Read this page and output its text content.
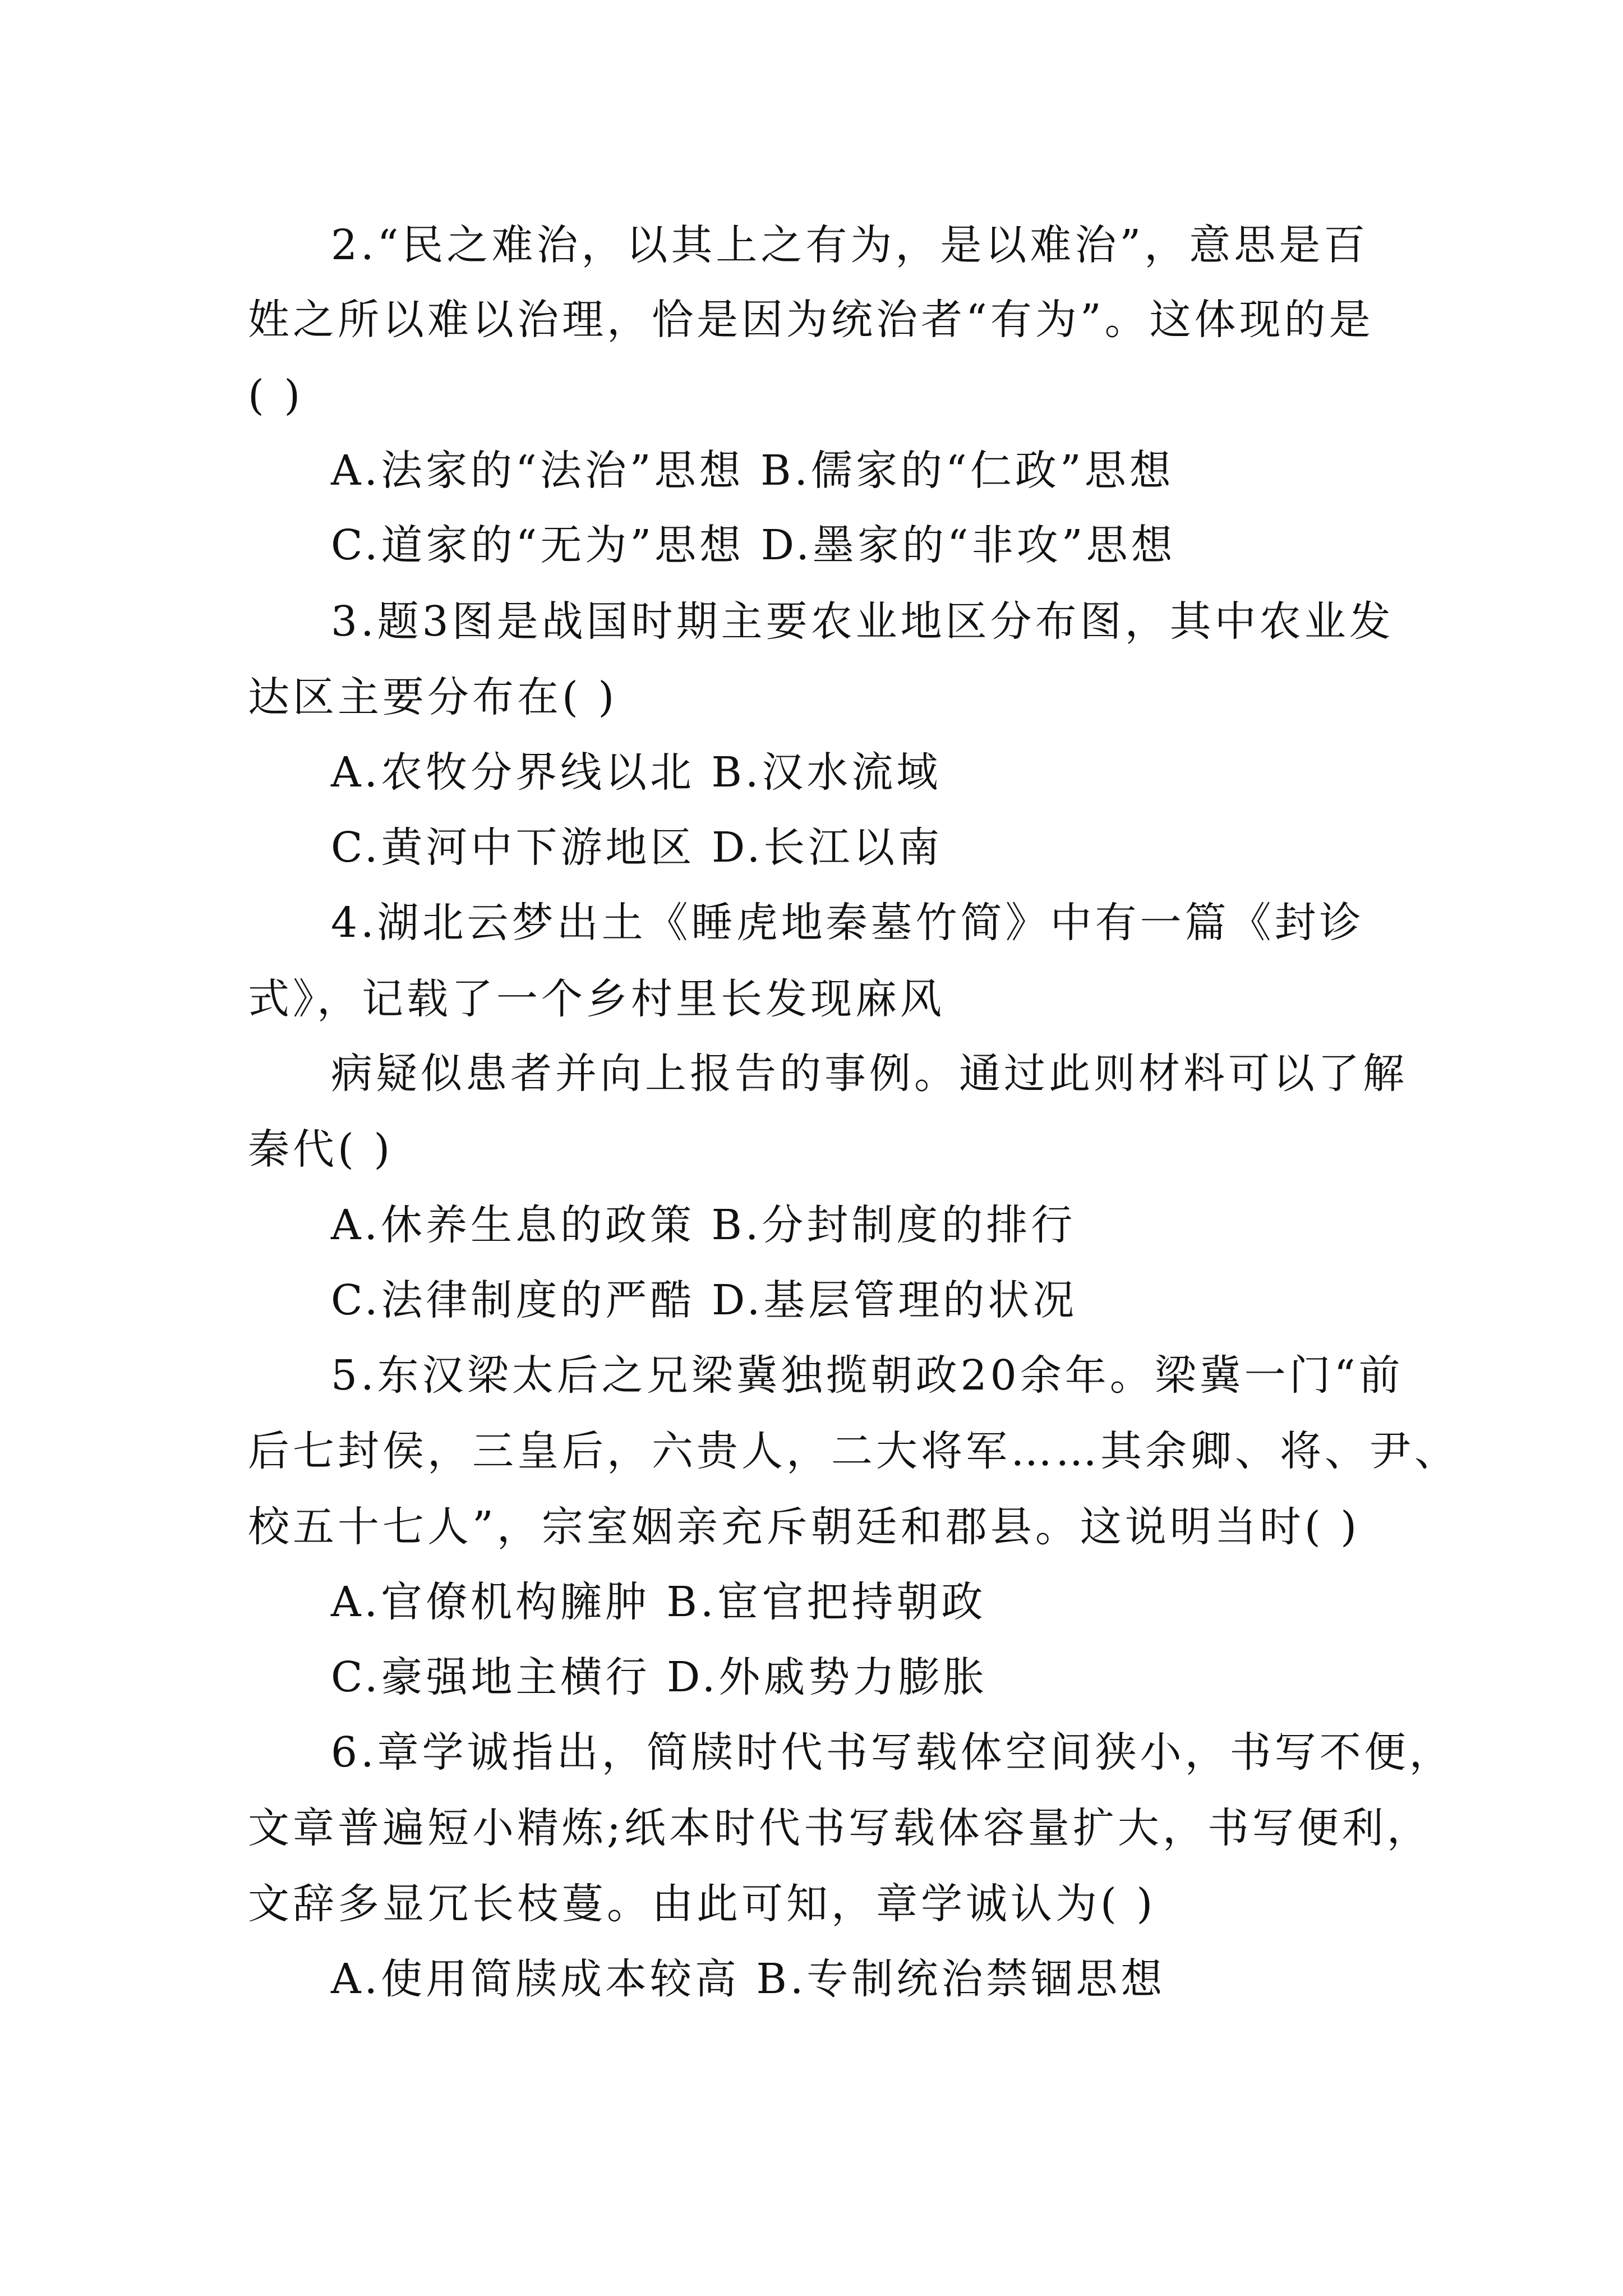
2.“民之难治，以其上之有为，是以难治”，意思是百
姓之所以难以治理，恰是因为统治者“有为”。这体现的是
( )
A.法家的“法治”思想 B.儒家的“仁政”思想
C.道家的“无为”思想 D.墨家的“非攻”思想
3.题3图是战国时期主要农业地区分布图，其中农业发
达区主要分布在( )
A.农牧分界线以北 B.汉水流域
C.黄河中下游地区 D.长江以南
4.湖北云梦出土《睡虎地秦墓竹简》中有一篇《封诊
式》，记载了一个乡村里长发现麻风
病疑似患者并向上报告的事例。通过此则材料可以了解
秦代( )
A.休养生息的政策 B.分封制度的排行
C.法律制度的严酷 D.基层管理的状况
5.东汉梁太后之兄梁冀独揽朝政20余年。梁冀一门“前
后七封侯，三皇后，六贵人，二大将军……其余卿、将、尹、
校五十七人”，宗室姻亲充斥朝廷和郡县。这说明当时( )
A.官僚机构臃肿 B.宦官把持朝政
C.豪强地主横行 D.外戚势力膨胀
6.章学诚指出，简牍时代书写载体空间狭小，书写不便，
文章普遍短小精炼;纸本时代书写载体容量扩大，书写便利，
文辞多显冗长枝蔓。由此可知，章学诚认为( )
A.使用简牍成本较高 B.专制统治禁锢思想
